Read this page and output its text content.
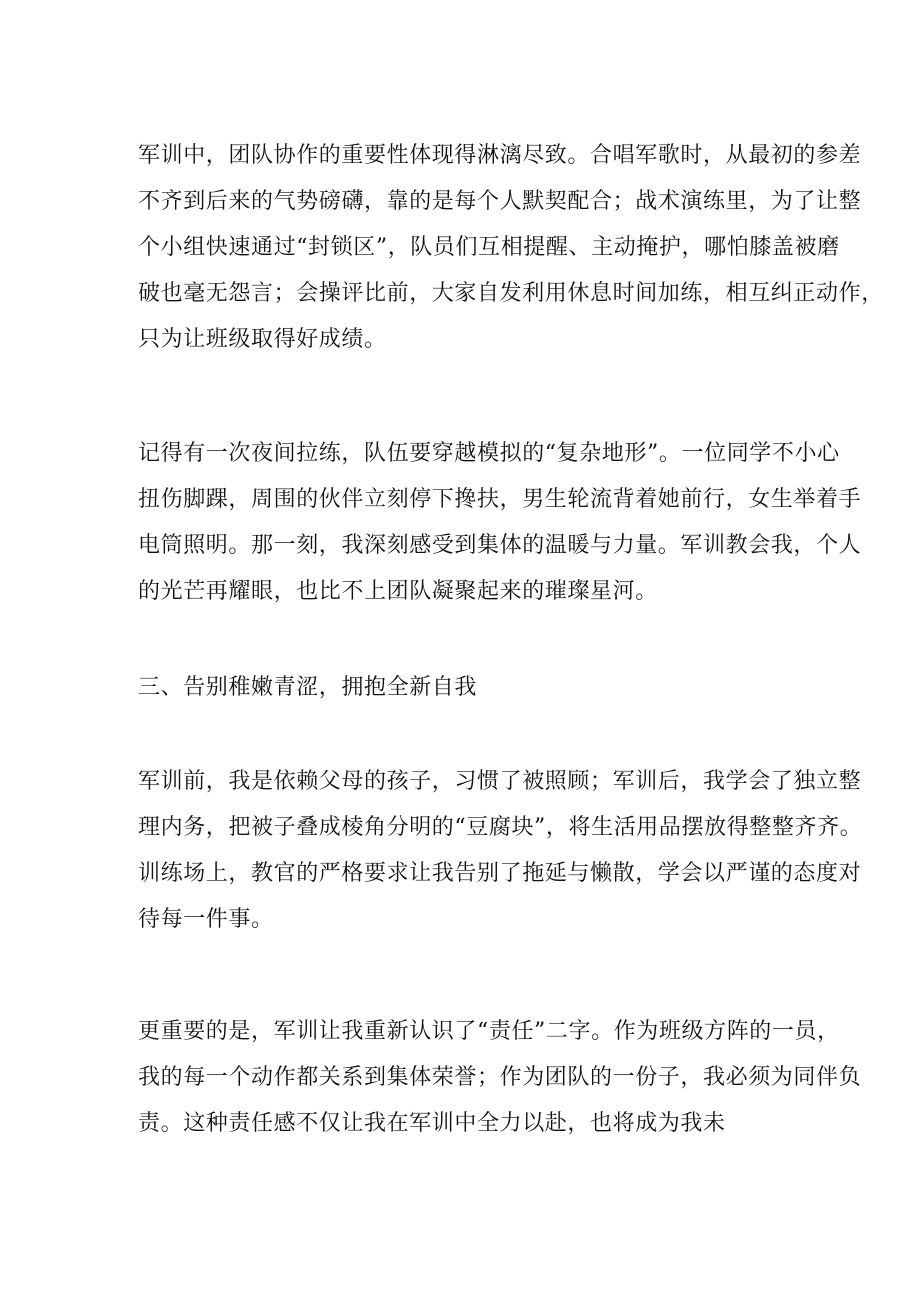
军训中，团队协作的重要性体现得淋漓尽致。合唱军歌时，从最初的参差
不齐到后来的气势磅礴，靠的是每个人默契配合；战术演练里，为了让整
个小组快速通过“封锁区”，队员们互相提醒、主动掩护，哪怕膝盖被磨
破也毫无怨言；会操评比前，大家自发利用休息时间加练，相互纠正动作，
只为让班级取得好成绩。
记得有一次夜间拉练，队伍要穿越模拟的“复杂地形”。一位同学不小心
扭伤脚踝，周围的伙伴立刻停下搀扶，男生轮流背着她前行，女生举着手
电筒照明。那一刻，我深刻感受到集体的温暖与力量。军训教会我，个人
的光芒再耀眼，也比不上团队凝聚起来的璀璨星河。
三、告别稚嫩青涩，拥抱全新自我
军训前，我是依赖父母的孩子，习惯了被照顾；军训后，我学会了独立整
理内务，把被子叠成棱角分明的“豆腐块”，将生活用品摆放得整整齐齐。
训练场上，教官的严格要求让我告别了拖延与懒散，学会以严谨的态度对
待每一件事。
更重要的是，军训让我重新认识了“责任”二字。作为班级方阵的一员，
我的每一个动作都关系到集体荣誉；作为团队的一份子，我必须为同伴负
责。这种责任感不仅让我在军训中全力以赴，也将成为我未
